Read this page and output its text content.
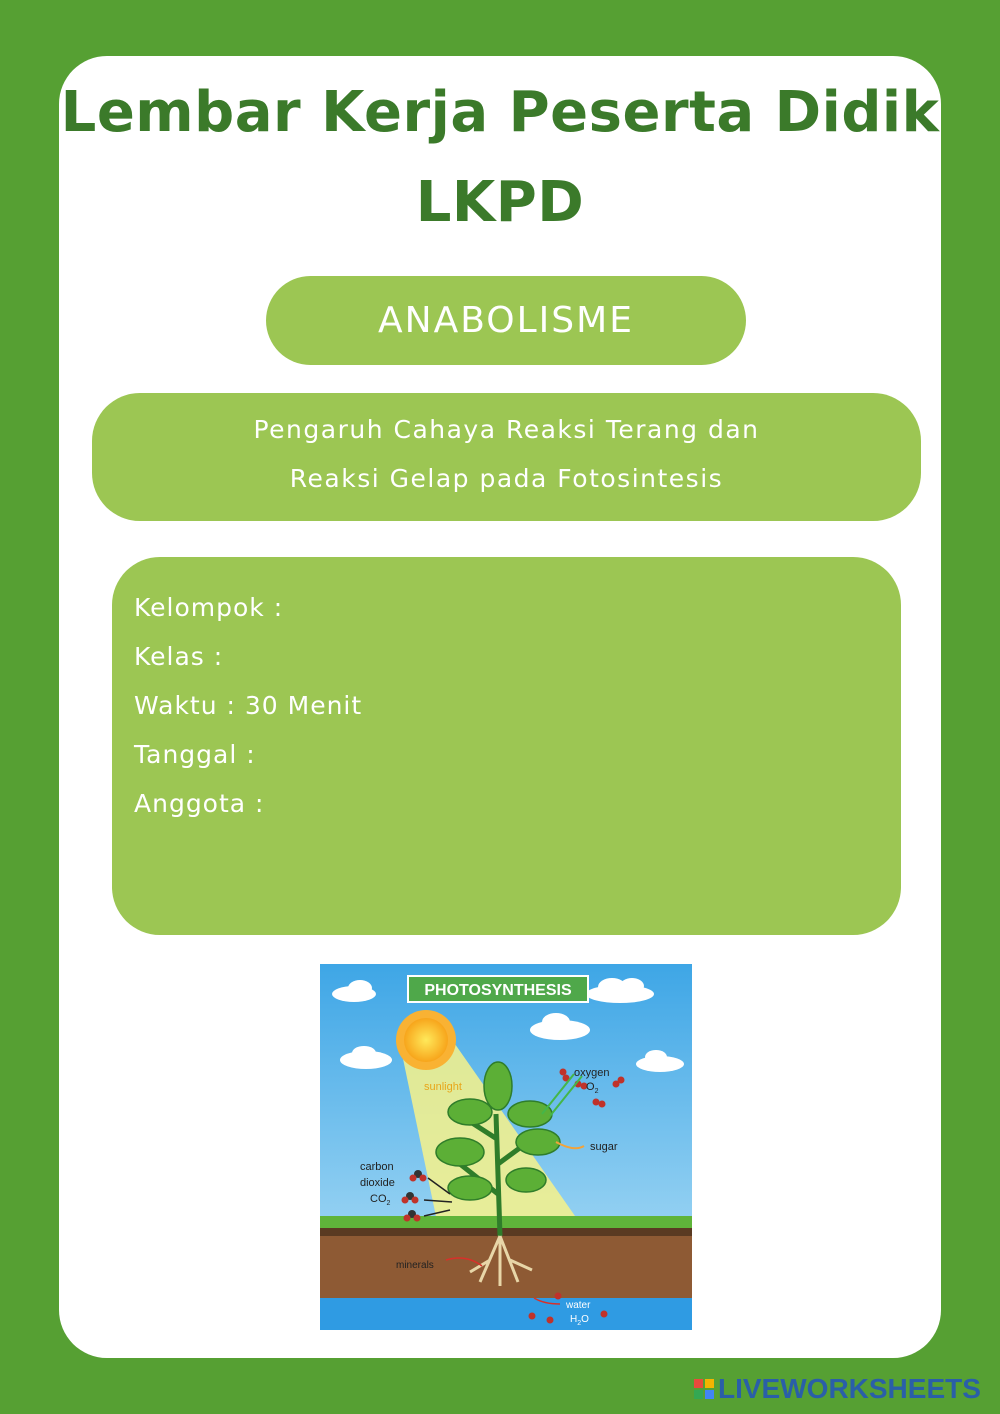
Lembar Kerja Peserta Didik
LKPD
ANABOLISME
Pengaruh Cahaya Reaksi Terang dan
Reaksi Gelap pada Fotosintesis
Kelompok :
Kelas :
Waktu : 30 Menit
Tanggal :
Anggota :
PHOTOSYNTHESIS
sunlight
oxygen
$O_2$
sugar
carbon
dioxide
$CO_2$
minerals
water
$H_2O$
LIVEWORKSHEETS
